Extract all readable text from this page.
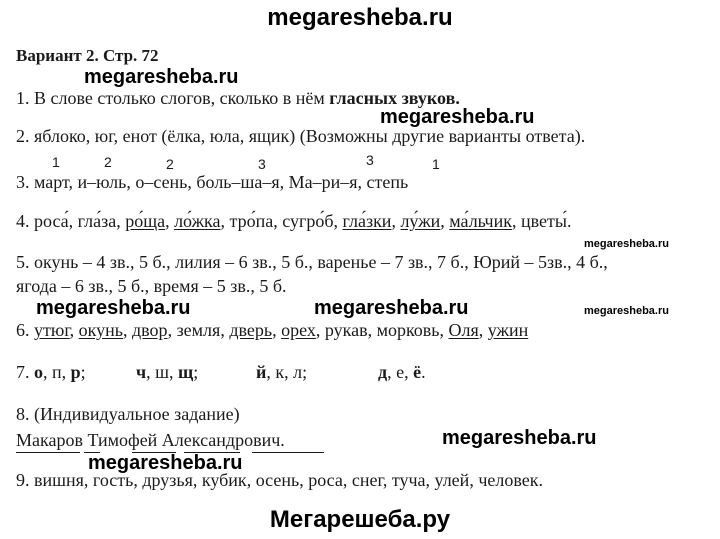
megaresheba.ru
megaresheba.ru
megaresheba.ru
megaresheba.ru
megaresheba.ru	megaresheba.ru	megaresheba.ru
megaresheba.ru
megaresheba.ru
Мегарешеба.ру
Вариант 2. Стр. 72
1. В слове столько слогов, сколько в нём гласных звуков.
2. яблоко, юг, енот (ёлка, юла, ящик) (Возможны другие варианты ответа).
1	2	2	3	3	1
3. март, и–юль, о–сень, боль–ша–я, Ма–ри–я, степь
4. роса́, гла́за, ро́ща, ло́жка, тро́па, сугро́б, гла́зки, лу́жи, ма́льчик, цветы́.
5. окунь – 4 зв., 5 б., лилия – 6 зв., 5 б., варенье – 7 зв., 7 б., Юрий – 5зв., 4 б.,
ягода – 6 зв., 5 б., время – 5 зв., 5 б.
6. утюг, окунь, двор, земля, дверь, орех, рукав, морковь, Оля, ужин
7. о, п, р;	ч, ш, щ;	й, к, л;	д, е, ё.
8. (Индивидуальное задание)
Макаров Тимофей Александрович.
9. вишня, гость, друзья, кубик, осень, роса, снег, туча, улей, человек.
